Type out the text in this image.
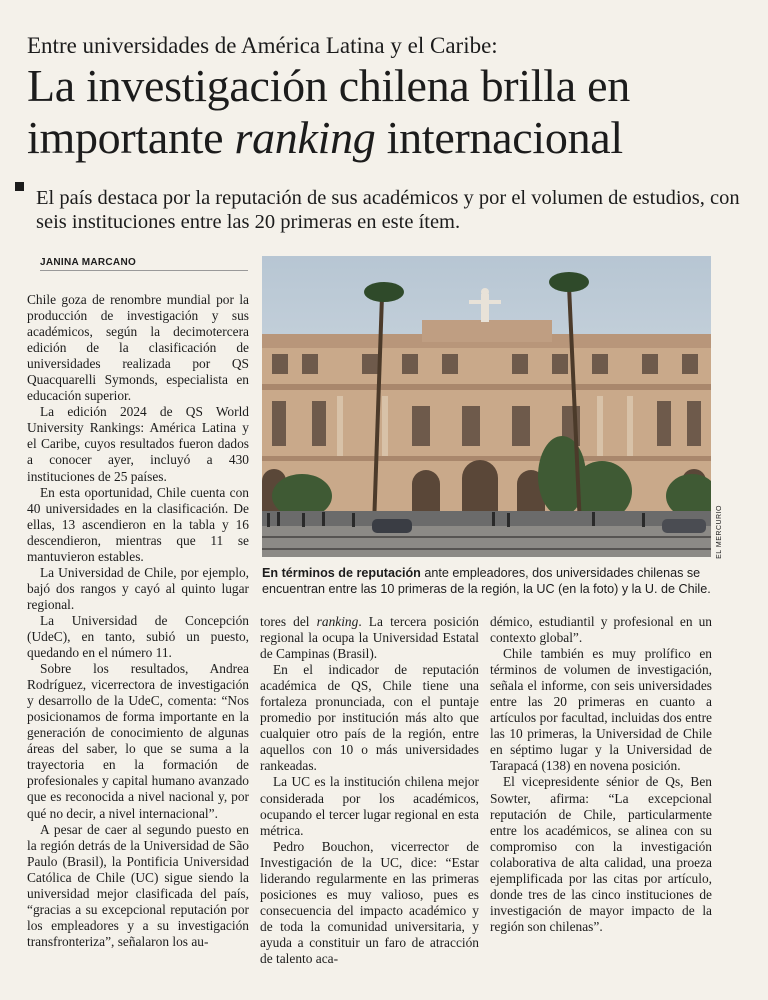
Entre universidades de América Latina y el Caribe:
La investigación chilena brilla en
importante ranking internacional
El país destaca por la reputación de sus académicos y por el volumen de estudios, con seis instituciones entre las 20 primeras en este ítem.
JANINA MARCANO

Chile goza de renombre mundial por la producción de investigación y sus académicos, según la decimotercera edición de la clasificación de universidades realizada por QS Quacquarelli Symonds, especialista en educación superior.

La edición 2024 de QS World University Rankings: América Latina y el Caribe, cuyos resultados fueron dados a conocer ayer, incluyó a 430 instituciones de 25 países.

En esta oportunidad, Chile cuenta con 40 universidades en la clasificación. De ellas, 13 ascendieron en la tabla y 16 descendieron, mientras que 11 se mantuvieron estables.

La Universidad de Chile, por ejemplo, bajó dos rangos y cayó al quinto lugar regional.

La Universidad de Concepción (UdeC), en tanto, subió un puesto, quedando en el número 11.

Sobre los resultados, Andrea Rodríguez, vicerrectora de investigación y desarrollo de la UdeC, comenta: “Nos posicionamos de forma importante en la generación de conocimiento de algunas áreas del saber, lo que se suma a la trayectoria en la formación de profesionales y capital humano avanzado que es reconocida a nivel nacional y, por qué no decir, a nivel internacional”.

A pesar de caer al segundo puesto en la región detrás de la Universidad de São Paulo (Brasil), la Pontificia Universidad Católica de Chile (UC) sigue siendo la universidad mejor clasificada del país, “gracias a su excepcional reputación por los empleadores y a su investigación transfronteriza”, señalaron los au-

EL MERCURIO
En términos de reputación ante empleadores, dos universidades chilenas se encuentran entre las 10 primeras de la región, la UC (en la foto) y la U. de Chile.

tores del ranking. La tercera posición regional la ocupa la Universidad Estatal de Campinas (Brasil).

En el indicador de reputación académica de QS, Chile tiene una fortaleza pronunciada, con el puntaje promedio por institución más alto que cualquier otro país de la región, entre aquellos con 10 o más universidades rankeadas.

La UC es la institución chilena mejor considerada por los académicos, ocupando el tercer lugar regional en esta métrica.

Pedro Bouchon, vicerrector de Investigación de la UC, dice: “Estar liderando regularmente en las primeras posiciones es muy valioso, pues es consecuencia del impacto académico y de toda la comunidad universitaria, y ayuda a constituir un faro de atracción de talento aca-

démico, estudiantil y profesional en un contexto global”.

Chile también es muy prolífico en términos de volumen de investigación, señala el informe, con seis universidades entre las 20 primeras en cuanto a artículos por facultad, incluidas dos entre las 10 primeras, la Universidad de Chile en séptimo lugar y la Universidad de Tarapacá (138) en novena posición.

El vicepresidente sénior de Qs, Ben Sowter, afirma: “La excepcional reputación de Chile, particularmente entre los académicos, se alinea con su compromiso con la investigación colaborativa de alta calidad, una proeza ejemplificada por las citas por artículo, donde tres de las cinco instituciones de investigación de mayor impacto de la región son chilenas”.
